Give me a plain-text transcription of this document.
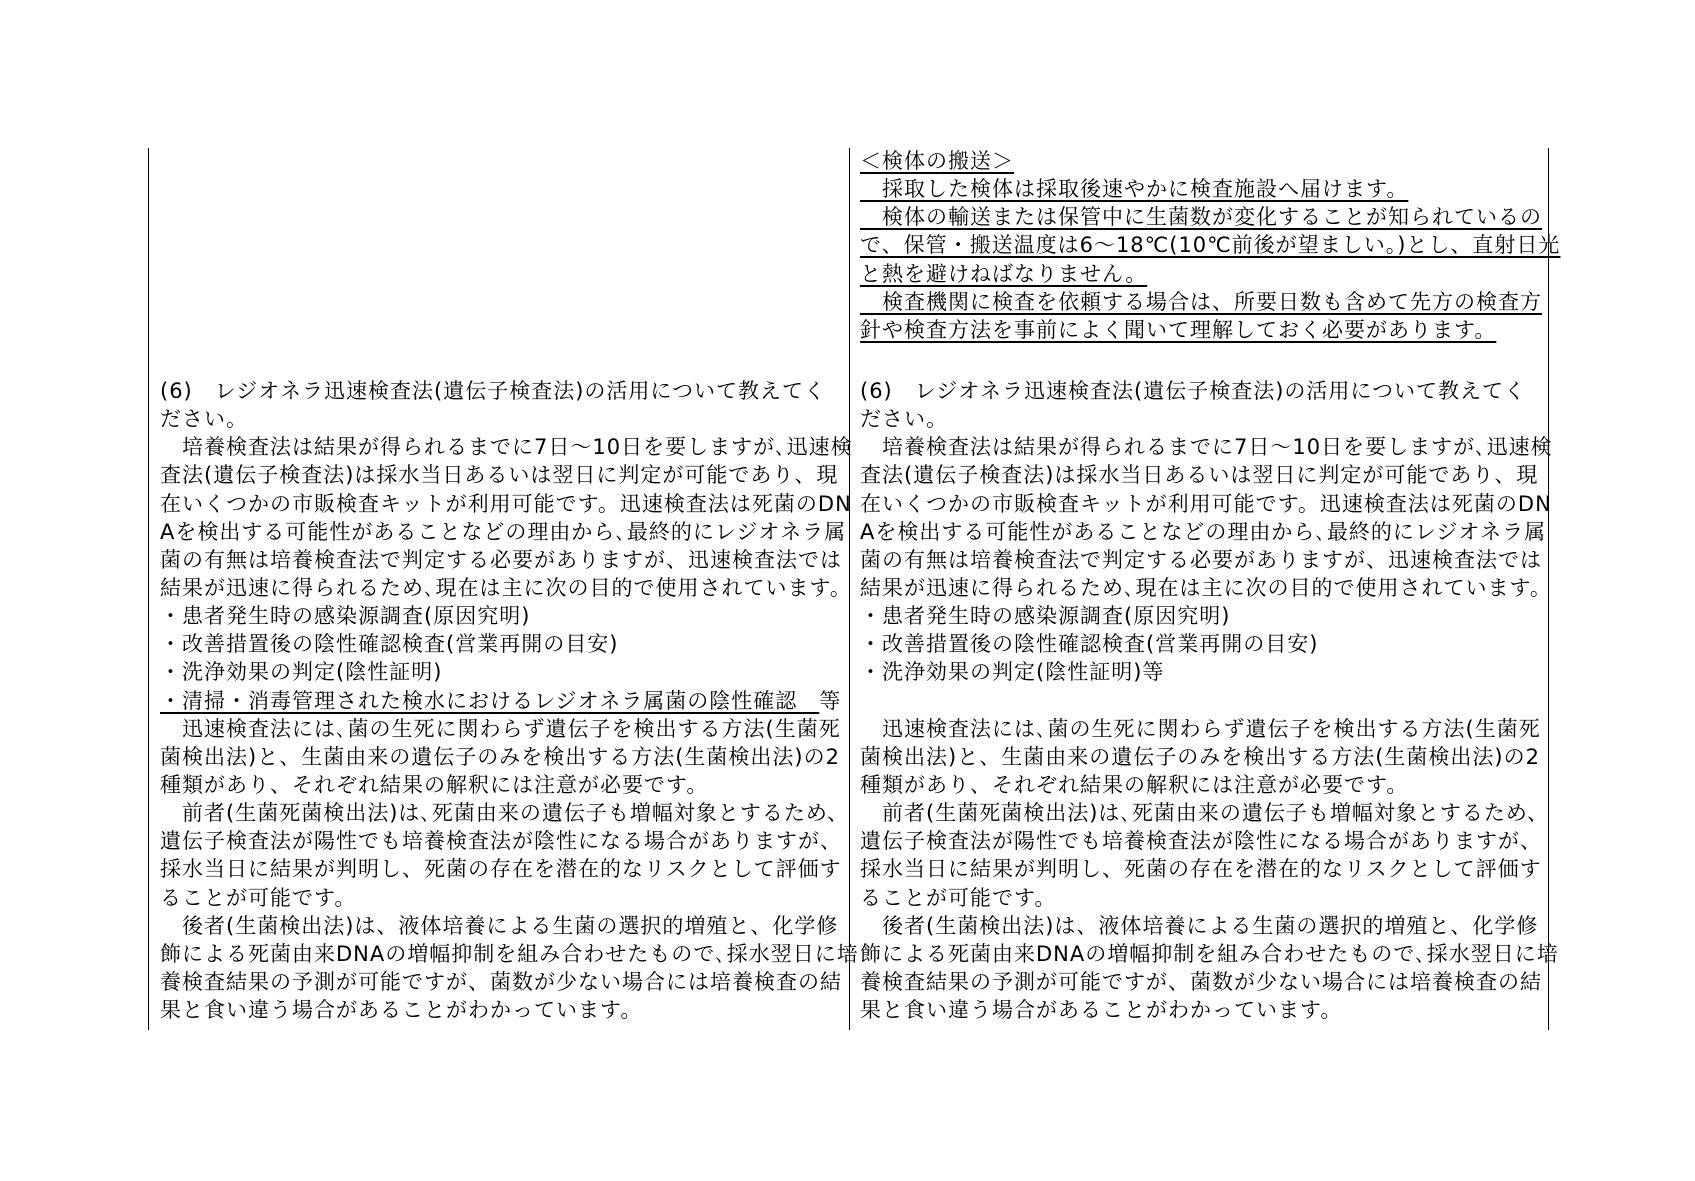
＜検体の搬送＞
　採取した検体は採取後速やかに検査施設へ届けます。
　検体の輸送または保管中に生菌数が変化することが知られているの
で、保管・搬送温度は6～18℃(10℃前後が望ましい。)とし、直射日光
と熱を避けねばなりません。
　検査機関に検査を依頼する場合は、所要日数も含めて先方の検査方
針や検査方法を事前によく聞いて理解しておく必要があります。
(6)　レジオネラ迅速検査法(遺伝子検査法)の活用について教えてく
ださい。
　培養検査法は結果が得られるまでに7日～10日を要しますが､迅速検
査法(遺伝子検査法)は採水当日あるいは翌日に判定が可能であり、現
在いくつかの市販検査キットが利用可能です。迅速検査法は死菌のDN
Aを検出する可能性があることなどの理由から､最終的にレジオネラ属
菌の有無は培養検査法で判定する必要がありますが、迅速検査法では
結果が迅速に得られるため､現在は主に次の目的で使用されています。
・患者発生時の感染源調査(原因究明)
・改善措置後の陰性確認検査(営業再開の目安)
・洗浄効果の判定(陰性証明)
・清掃・消毒管理された検水におけるレジオネラ属菌の陰性確認　等
　迅速検査法には､菌の生死に関わらず遺伝子を検出する方法(生菌死
菌検出法)と、生菌由来の遺伝子のみを検出する方法(生菌検出法)の2
種類があり、それぞれ結果の解釈には注意が必要です。
　前者(生菌死菌検出法)は､死菌由来の遺伝子も増幅対象とするため、
遺伝子検査法が陽性でも培養検査法が陰性になる場合がありますが、
採水当日に結果が判明し、死菌の存在を潜在的なリスクとして評価す
ることが可能です。
　後者(生菌検出法)は、液体培養による生菌の選択的増殖と、化学修
飾による死菌由来DNAの増幅抑制を組み合わせたもので､採水翌日に培
養検査結果の予測が可能ですが、菌数が少ない場合には培養検査の結
果と食い違う場合があることがわかっています。
(6)　レジオネラ迅速検査法(遺伝子検査法)の活用について教えてく
ださい。
　培養検査法は結果が得られるまでに7日～10日を要しますが､迅速検
査法(遺伝子検査法)は採水当日あるいは翌日に判定が可能であり、現
在いくつかの市販検査キットが利用可能です。迅速検査法は死菌のDN
Aを検出する可能性があることなどの理由から､最終的にレジオネラ属
菌の有無は培養検査法で判定する必要がありますが、迅速検査法では
結果が迅速に得られるため､現在は主に次の目的で使用されています。
・患者発生時の感染源調査(原因究明)
・改善措置後の陰性確認検査(営業再開の目安)
・洗浄効果の判定(陰性証明)等
　迅速検査法には､菌の生死に関わらず遺伝子を検出する方法(生菌死
菌検出法)と、生菌由来の遺伝子のみを検出する方法(生菌検出法)の2
種類があり、それぞれ結果の解釈には注意が必要です。
　前者(生菌死菌検出法)は､死菌由来の遺伝子も増幅対象とするため、
遺伝子検査法が陽性でも培養検査法が陰性になる場合がありますが、
採水当日に結果が判明し、死菌の存在を潜在的なリスクとして評価す
ることが可能です。
　後者(生菌検出法)は、液体培養による生菌の選択的増殖と、化学修
飾による死菌由来DNAの増幅抑制を組み合わせたもので､採水翌日に培
養検査結果の予測が可能ですが、菌数が少ない場合には培養検査の結
果と食い違う場合があることがわかっています。
